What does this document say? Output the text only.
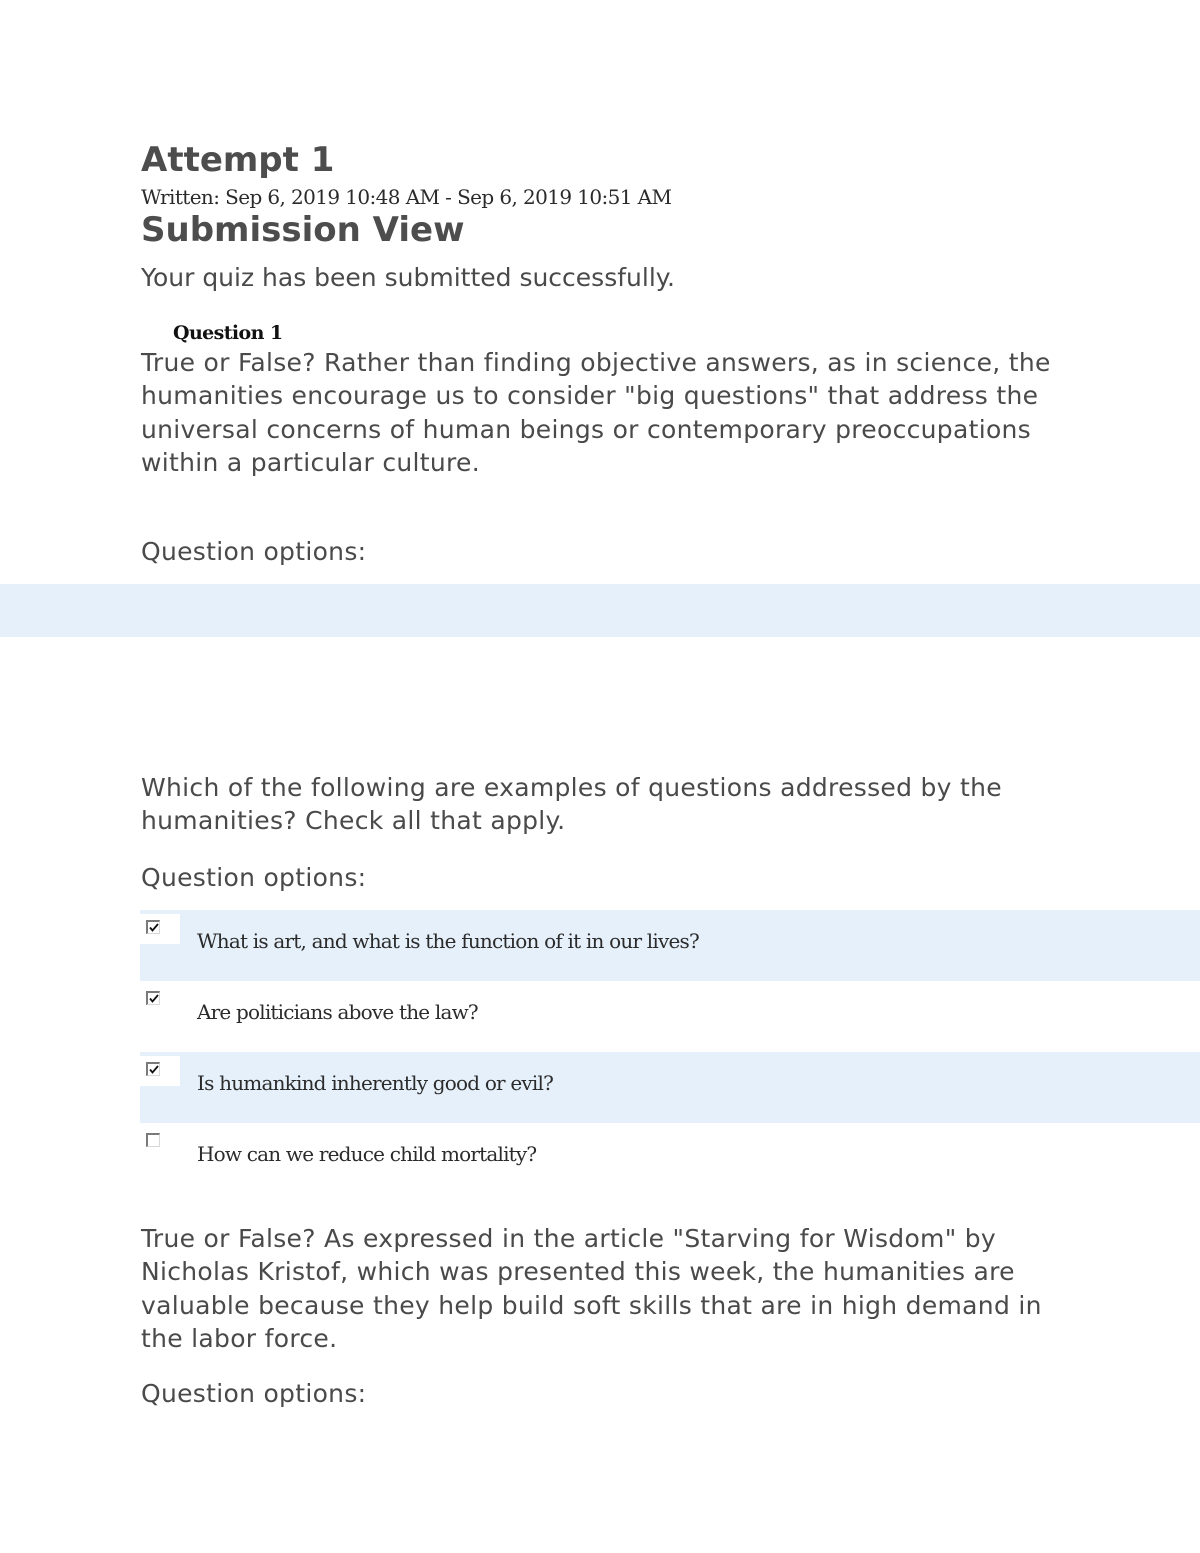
Attempt 1
Written: Sep 6, 2019 10:48 AM - Sep 6, 2019 10:51 AM
Submission View
Your quiz has been submitted successfully.
Question 1
True or False? Rather than finding objective answers, as in science, the humanities encourage us to consider "big questions" that address the universal concerns of human beings or contemporary preoccupations within a particular culture.
Question options:
Which of the following are examples of questions addressed by the humanities? Check all that apply.
Question options:
What is art, and what is the function of it in our lives?
Are politicians above the law?
Is humankind inherently good or evil?
How can we reduce child mortality?
True or False? As expressed in the article "Starving for Wisdom" by Nicholas Kristof, which was presented this week, the humanities are valuable because they help build soft skills that are in high demand in the labor force.
Question options:
